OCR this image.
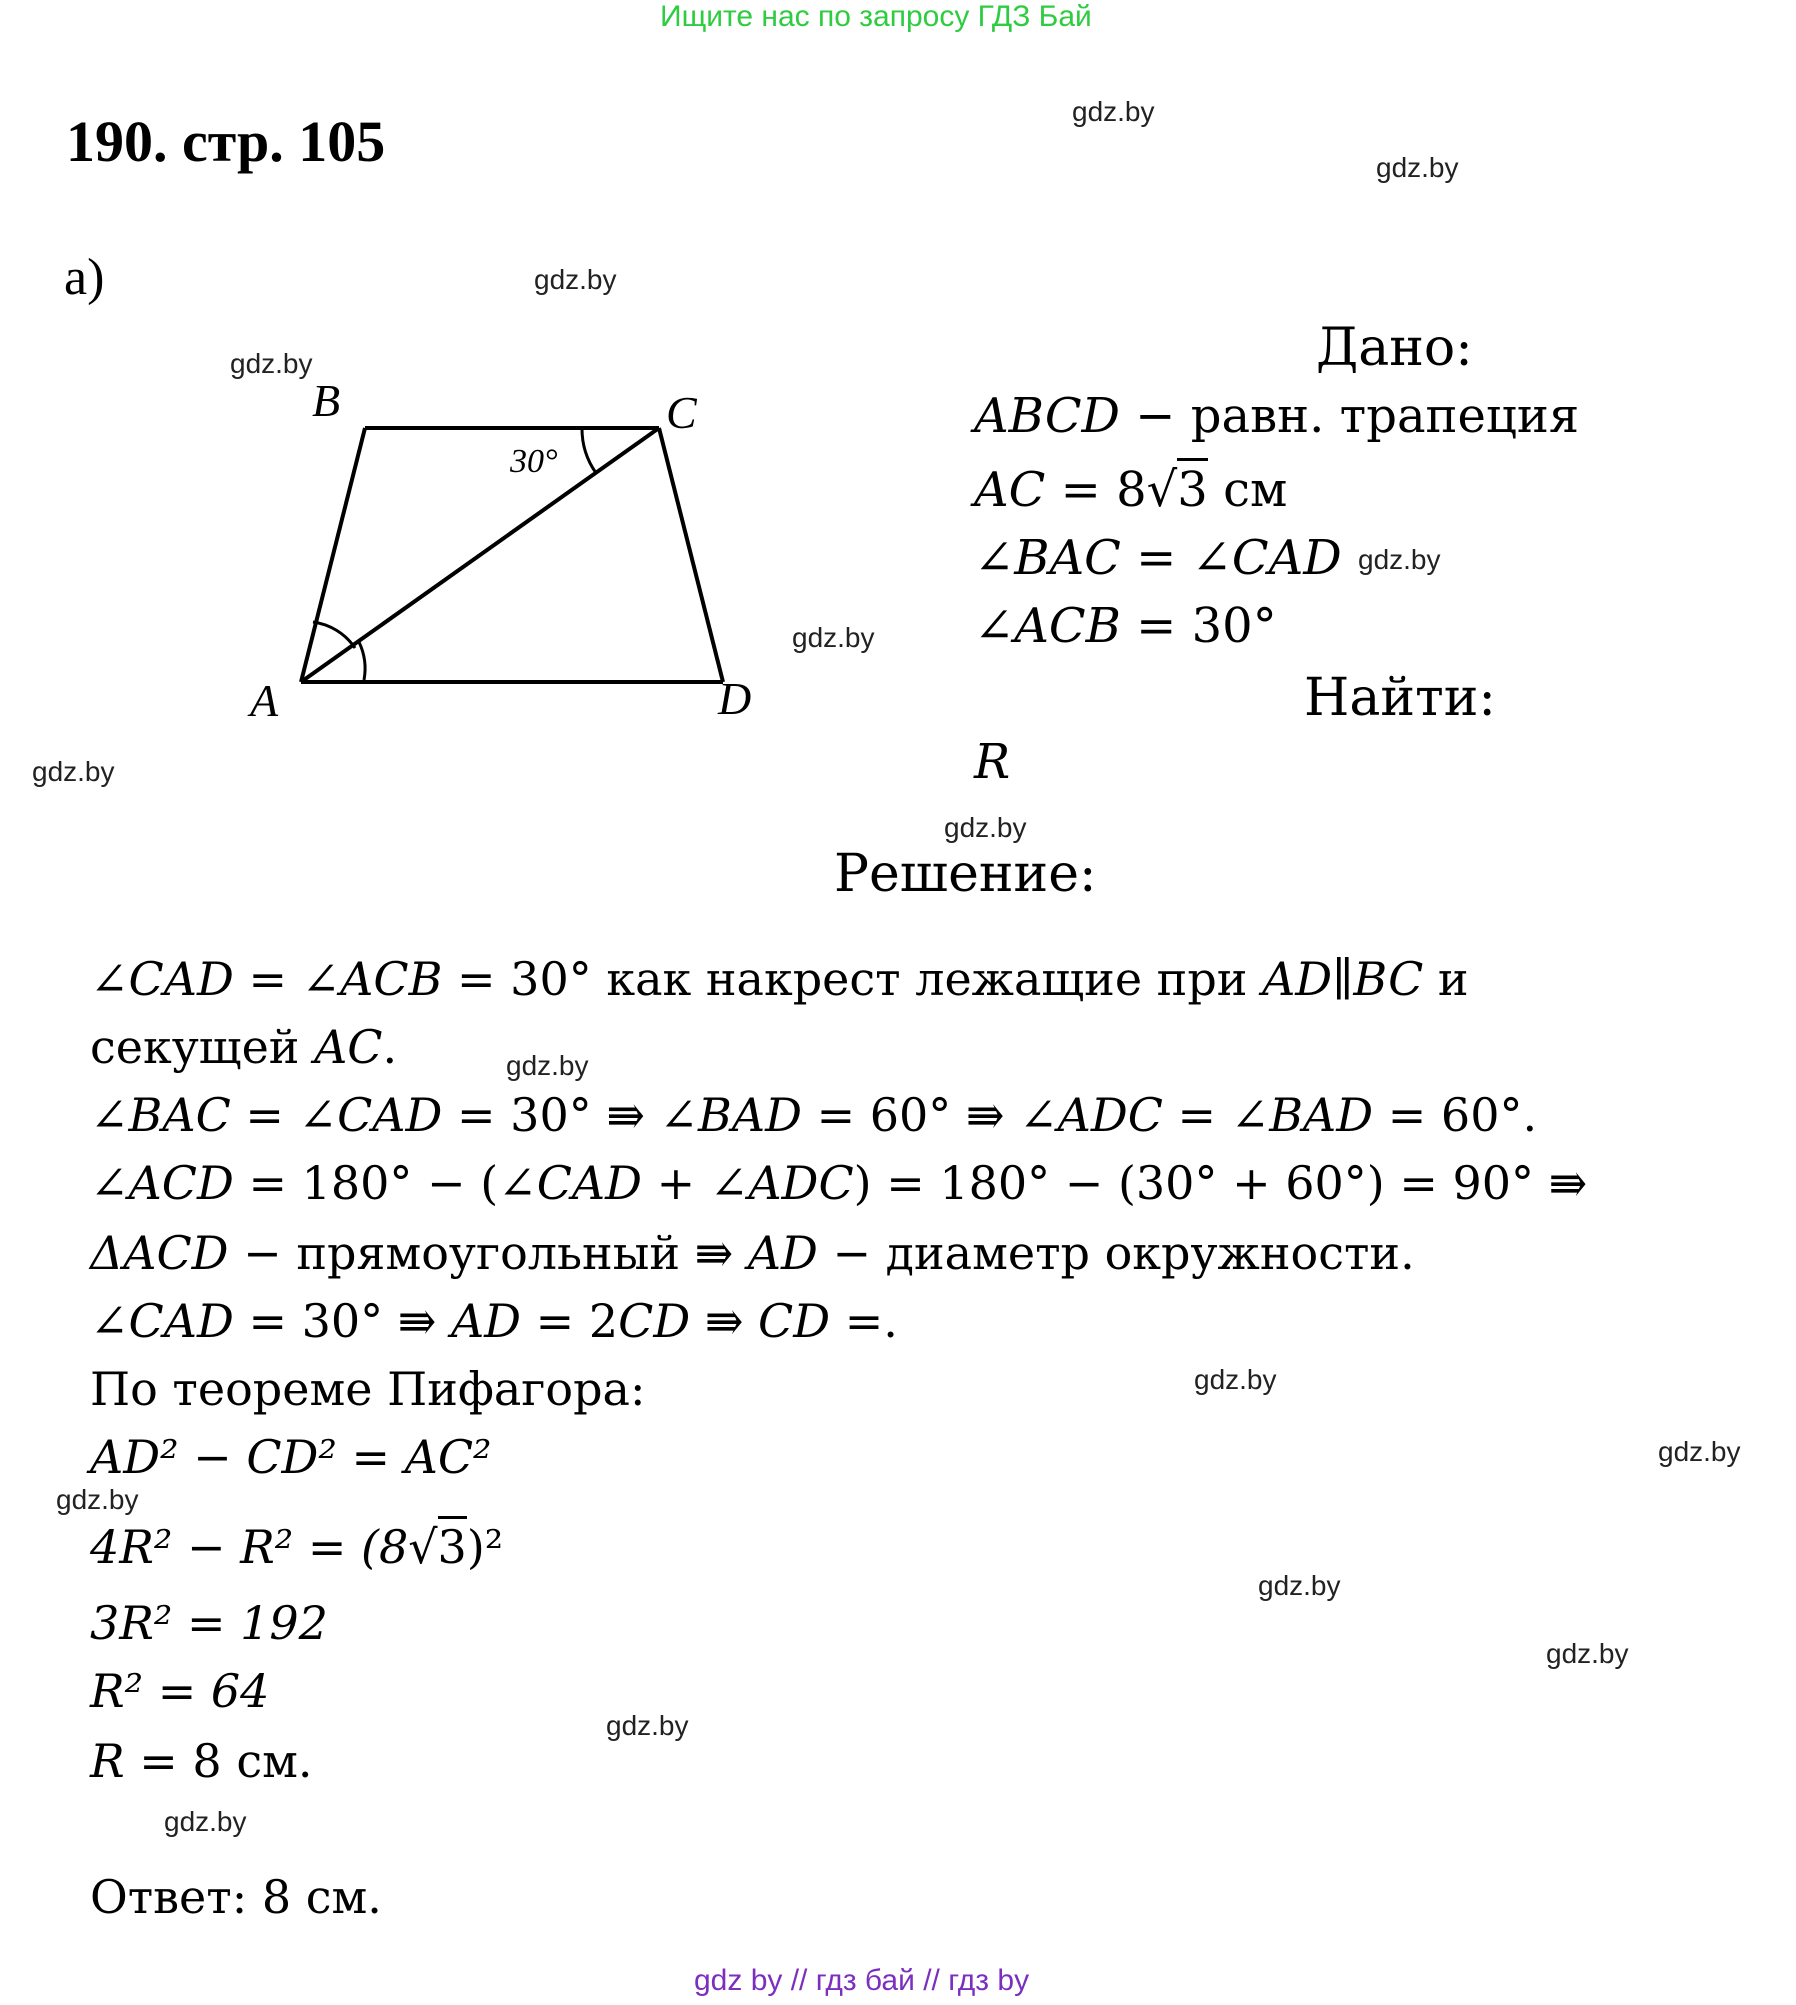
Ищите нас по запросу ГДЗ Бай
190. стр. 105
а)
gdz.by
gdz.by
gdz.by
gdz.by
gdz.by
gdz.by
gdz.by
gdz.by
gdz.by
gdz.by
gdz.by
gdz.by
gdz.by
gdz.by
gdz.by
gdz.by
A
B	C
D
30°
Дано:
ABCD − равн. трапеция
AC = 8√3 см
∠BAC = ∠CAD
∠ACB = 30°
Найти:
R
Решение:
∠CAD = ∠ACB = 30° как накрест лежащие при AD∥BC и
секущей AC.
∠BAC = ∠CAD = 30° ⇛ ∠BAD = 60° ⇛ ∠ADC = ∠BAD = 60°.
∠ACD = 180° − (∠CAD + ∠ADC) = 180° − (30° + 60°) = 90° ⇛
ΔACD − прямоугольный ⇛ AD − диаметр окружности.
∠CAD = 30° ⇛ AD = 2CD ⇛ CD =.
По теореме Пифагора:
AD² − CD² = AC²
4R² − R² = (8√3)²
3R² = 192
R² = 64
R = 8 см.
Ответ: 8 см.
gdz by // гдз бай // гдз by
